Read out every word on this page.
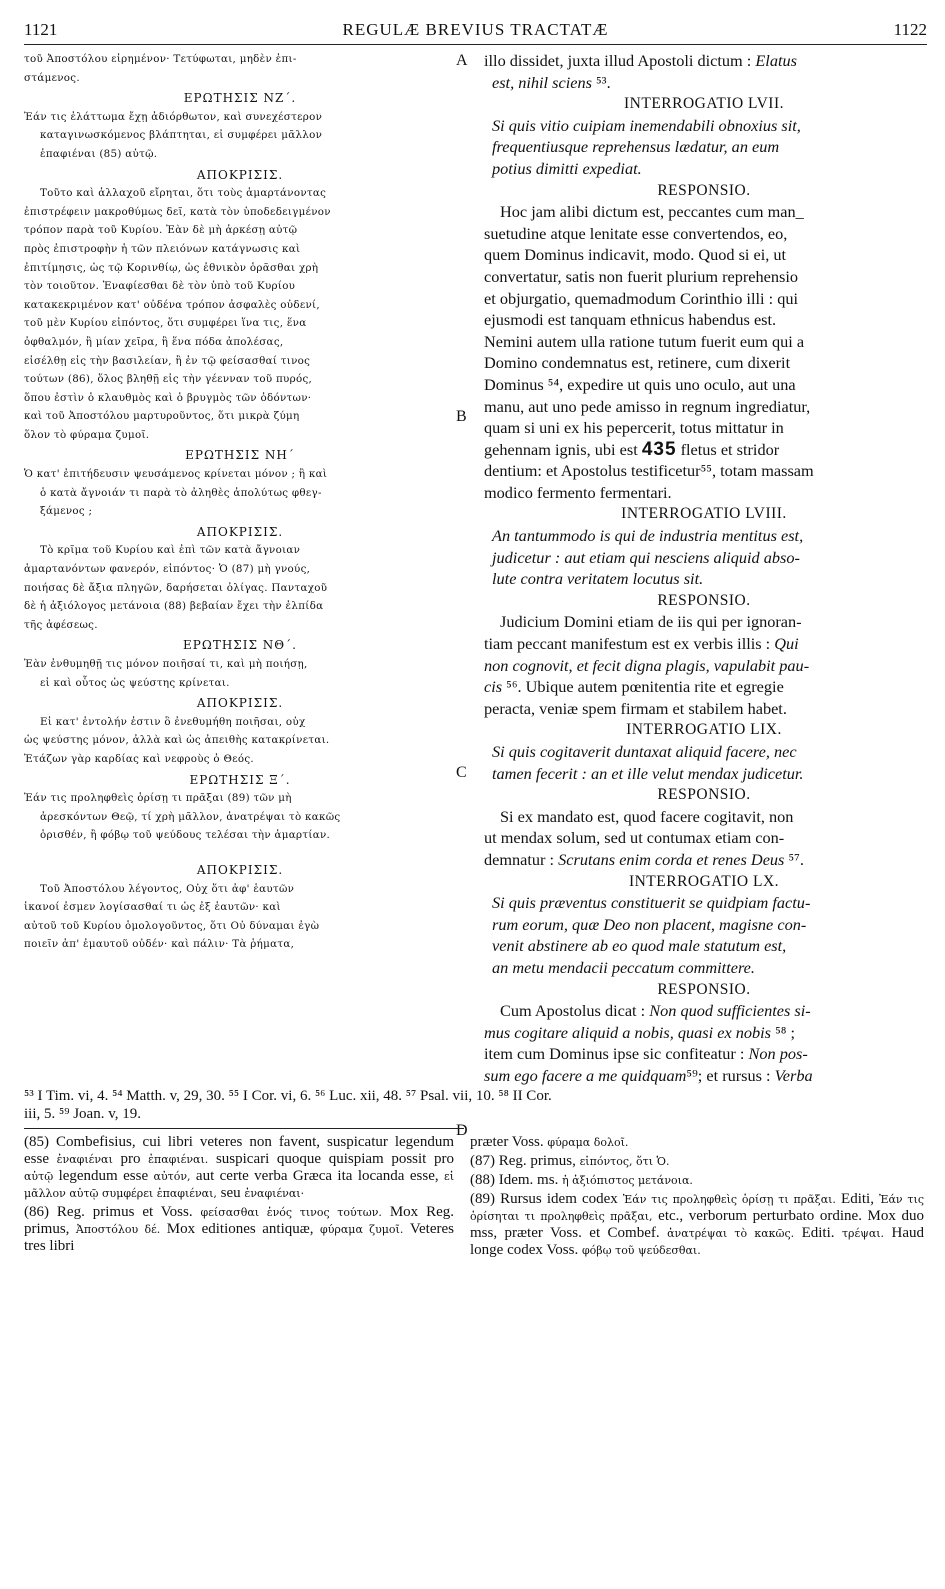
1121	REGULÆ BREVIUS TRACTATÆ	1122
A
B
C
D

τοῦ Ἀποστόλου εἰρημένον· Τετύφωται, μηδὲν ἐπι-

στάμενος.

ΕΡΩΤΗΣΙΣ ΝΖ΄.

Ἐάν τις ἐλάττωμα ἔχῃ ἀδιόρθωτον, καὶ συνεχέστερον

καταγινωσκόμενος βλάπτηται, εἰ συμφέρει μᾶλλον

ἐπαφιέναι (85) αὐτῷ.

ΑΠΟΚΡΙΣΙΣ.

Τοῦτο καὶ ἀλλαχοῦ εἴρηται, ὅτι τοὺς ἁμαρτάνοντας

ἐπιστρέφειν μακροθύμως δεῖ, κατὰ τὸν ὑποδεδειγμένον

τρόπον παρὰ τοῦ Κυρίου. Ἐὰν δὲ μὴ ἀρκέσῃ αὐτῷ

πρὸς ἐπιστροφὴν ἡ τῶν πλειόνων κατάγνωσις καὶ

ἐπιτίμησις, ὡς τῷ Κορινθίῳ, ὡς ἐθνικὸν ὁρᾶσθαι χρὴ

τὸν τοιοῦτον. Ἐναφίεσθαι δὲ τὸν ὑπὸ τοῦ Κυρίου

κατακεκριμένον κατ' οὐδένα τρόπον ἀσφαλὲς οὐδενί,

τοῦ μὲν Κυρίου εἰπόντος, ὅτι συμφέρει ἵνα τις, ἕνα

ὀφθαλμόν, ἢ μίαν χεῖρα, ἢ ἕνα πόδα ἀπολέσας,

εἰσέλθῃ εἰς τὴν βασιλείαν, ἢ ἐν τῷ φείσασθαί τινος

τούτων (86), ὅλος βληθῇ εἰς τὴν γέενναν τοῦ πυρός,

ὅπου ἐστὶν ὁ κλαυθμὸς καὶ ὁ βρυγμὸς τῶν ὀδόντων·

καὶ τοῦ Ἀποστόλου μαρτυροῦντος, ὅτι μικρὰ ζύμη

ὅλον τὸ φύραμα ζυμοῖ.

ΕΡΩΤΗΣΙΣ ΝΗ΄

Ὁ κατ' ἐπιτήδευσιν ψευσάμενος κρίνεται μόνον ; ἢ καὶ

ὁ κατὰ ἄγνοιάν τι παρὰ τὸ ἀληθὲς ἀπολύτως φθεγ-

ξάμενος ;

ΑΠΟΚΡΙΣΙΣ.

Τὸ κρῖμα τοῦ Κυρίου καὶ ἐπὶ τῶν κατὰ ἄγνοιαν

ἁμαρτανόντων φανερόν, εἰπόντος· Ὁ (87) μὴ γνούς,

ποιήσας δὲ ἄξια πληγῶν, δαρήσεται ὀλίγας. Πανταχοῦ

δὲ ἡ ἀξιόλογος μετάνοια (88) βεβαίαν ἔχει τὴν ἐλπίδα

τῆς ἀφέσεως.

ΕΡΩΤΗΣΙΣ ΝΘ΄.

Ἐὰν ἐνθυμηθῇ τις μόνον ποιῆσαί τι, καὶ μὴ ποιήσῃ,

εἰ καὶ οὗτος ὡς ψεύστης κρίνεται.

ΑΠΟΚΡΙΣΙΣ.

Εἰ κατ' ἐντολήν ἐστιν ὃ ἐνεθυμήθη ποιῆσαι, οὐχ

ὡς ψεύστης μόνον, ἀλλὰ καὶ ὡς ἀπειθὴς κατακρίνεται.

Ἐτάζων γὰρ καρδίας καὶ νεφροὺς ὁ Θεός.

ΕΡΩΤΗΣΙΣ Ξ΄.

Ἐάν τις προληφθεὶς ὁρίσῃ τι πρᾶξαι (89) τῶν μὴ

ἀρεσκόντων Θεῷ, τί χρὴ μᾶλλον, ἀνατρέψαι τὸ κακῶς

ὁρισθέν, ἢ φόβῳ τοῦ ψεύδους τελέσαι τὴν ἁμαρτίαν.

ΑΠΟΚΡΙΣΙΣ.

Τοῦ Ἀποστόλου λέγοντος, Οὐχ ὅτι ἀφ' ἑαυτῶν

ἱκανοί ἐσμεν λογίσασθαί τι ὡς ἐξ ἑαυτῶν· καὶ

αὐτοῦ τοῦ Κυρίου ὁμολογοῦντος, ὅτι Οὐ δύναμαι ἐγὼ

ποιεῖν ἀπ' ἐμαυτοῦ οὐδέν· καὶ πάλιν· Τὰ ῥήματα,

illo dissidet, juxta illud Apostoli dictum : Elatus

est, nihil sciens ⁵³.

INTERROGATIO LVII.

Si quis vitio cuipiam inemendabili obnoxius sit,

frequentiusque reprehensus lædatur, an eum

potius dimitti expediat.

RESPONSIO.

Hoc jam alibi dictum est, peccantes cum man_

suetudine atque lenitate esse convertendos, eo,

quem Dominus indicavit, modo. Quod si ei, ut

convertatur, satis non fuerit plurium reprehensio

et objurgatio, quemadmodum Corinthio illi : qui

ejusmodi est tanquam ethnicus habendus est.

Nemini autem ulla ratione tutum fuerit eum qui a

Domino condemnatus est, retinere, cum dixerit

Dominus ⁵⁴, expedire ut quis uno oculo, aut una

manu, aut uno pede amisso in regnum ingrediatur,

quam si uni ex his pepercerit, totus mittatur in

gehennam ignis, ubi est 435 fletus et stridor

dentium: et Apostolus testificetur⁵⁵, totam massam

modico fermento fermentari.

INTERROGATIO LVIII.

An tantummodo is qui de industria mentitus est,

judicetur : aut etiam qui nesciens aliquid abso-

lute contra veritatem locutus sit.

RESPONSIO.

Judicium Domini etiam de iis qui per ignoran-

tiam peccant manifestum est ex verbis illis : Qui

non cognovit, et fecit digna plagis, vapulabit pau-

cis ⁵⁶. Ubique autem pœnitentia rite et egregie

peracta, veniæ spem firmam et stabilem habet.

INTERROGATIO LIX.

Si quis cogitaverit duntaxat aliquid facere, nec

tamen fecerit : an et ille velut mendax judicetur.

RESPONSIO.

Si ex mandato est, quod facere cogitavit, non

ut mendax solum, sed ut contumax etiam con-

demnatur : Scrutans enim corda et renes Deus ⁵⁷.

INTERROGATIO LX.

Si quis præventus constituerit se quidpiam factu-

rum eorum, quæ Deo non placent, magisne con-

venit abstinere ab eo quod male statutum est,

an metu mendacii peccatum committere.

RESPONSIO.

Cum Apostolus dicat : Non quod sufficientes si-

mus cogitare aliquid a nobis, quasi ex nobis ⁵⁸ ;

item cum Dominus ipse sic confiteatur : Non pos-

sum ego facere a me quidquam⁵⁹; et rursus : Verba

⁵³ I Tim. vi, 4. ⁵⁴ Matth. v, 29, 30. ⁵⁵ I Cor. vi, 6. ⁵⁶ Luc. xii, 48. ⁵⁷ Psal. vii, 10. ⁵⁸ II Cor.

iii, 5. ⁵⁹ Joan. v, 19.

(85) Combefisius, cui libri veteres non favent, suspicatur legendum esse ἐναφιέναι pro ἐπαφιέναι. suspicari quoque quispiam possit pro αὐτῷ legendum esse αὐτόν, aut certe verba Græca ita locanda esse, εἰ μᾶλλον αὐτῷ συμφέρει ἐπαφιέναι, seu ἐναφιέναι·

(86) Reg. primus et Voss. φείσασθαι ἑνός τινος τούτων. Mox Reg. primus, Ἀποστόλου δέ. Mox editiones antiquæ, φύραμα ζυμοῖ. Veteres tres libri

præter Voss. φύραμα δολοῖ.

(87) Reg. primus, εἰπόντος, ὅτι Ὁ.

(88) Idem. ms. ἡ ἀξιόπιστος μετάνοια.

(89) Rursus idem codex Ἐάν τις προληφθεὶς ὁρίσῃ τι πρᾶξαι. Editi, Ἐάν τις ὁρίσηται τι προληφθεὶς πρᾶξαι, etc., verborum perturbato ordine. Mox duo mss, præter Voss. et Combef. ἀνατρέψαι τὸ κακῶς. Editi. τρέψαι. Haud longe codex Voss. φόβῳ τοῦ ψεύδεσθαι.
